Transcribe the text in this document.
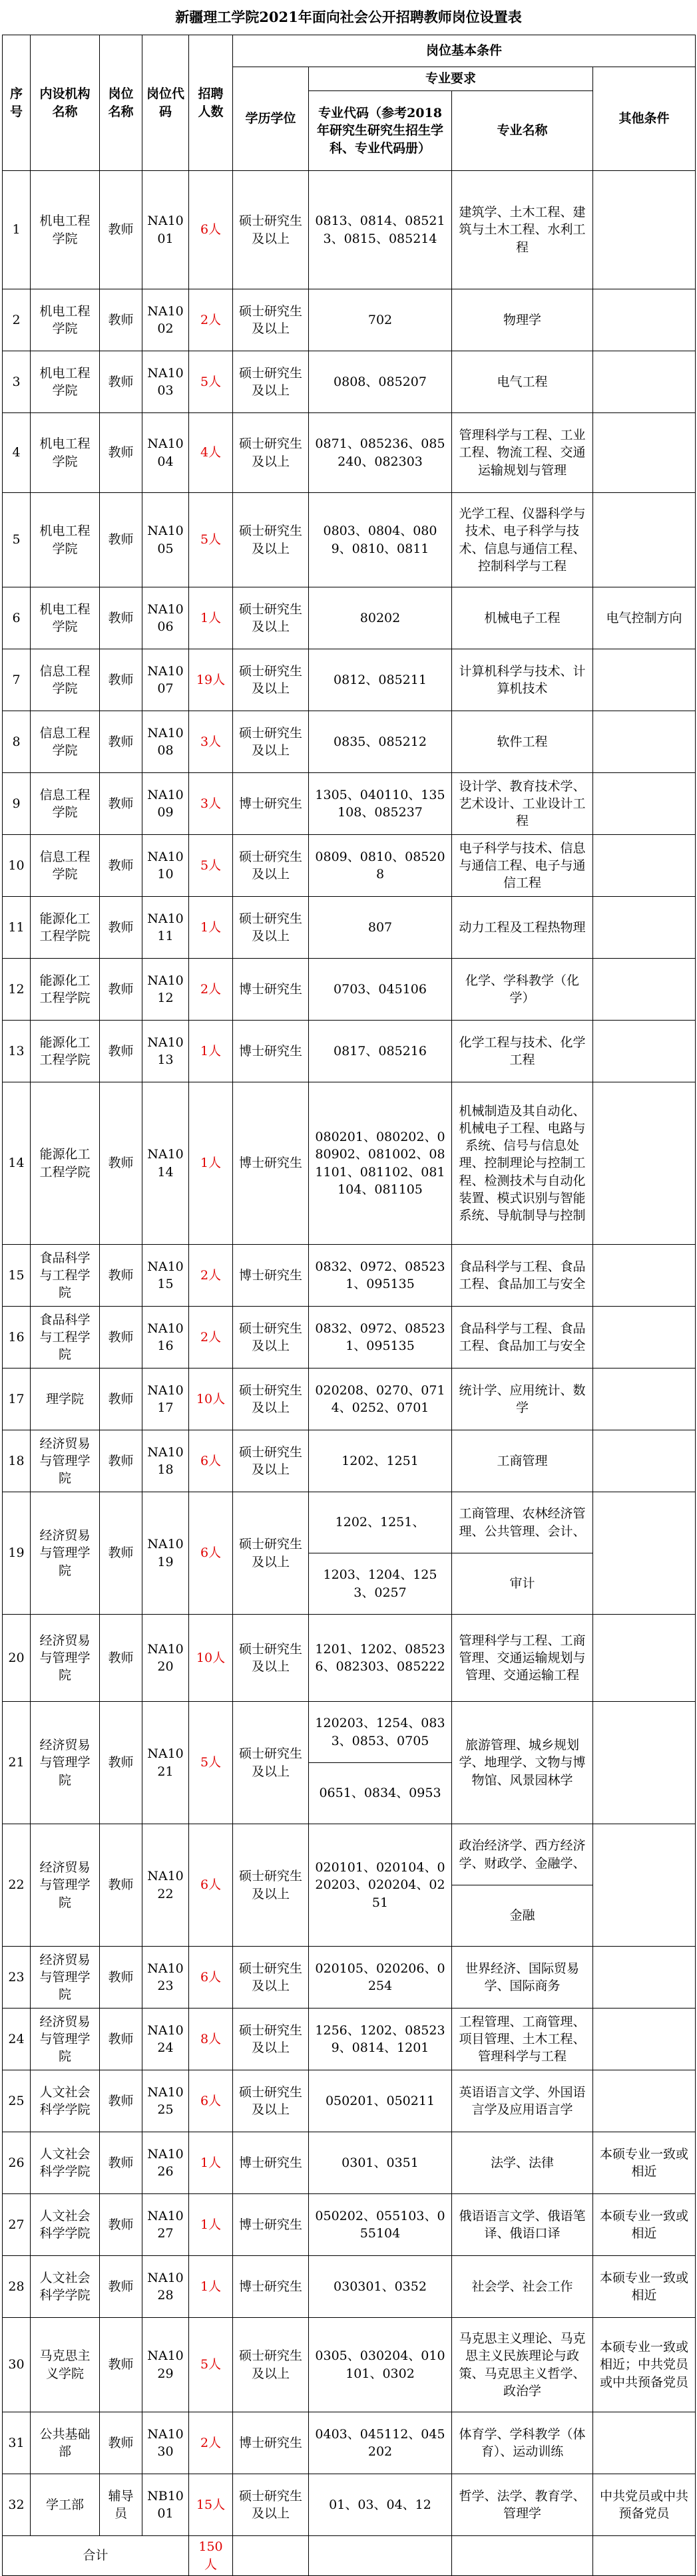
新疆理工学院2021年面向社会公开招聘教师岗位设置表
序号	内设机构名称	岗位名称	岗位代码	招聘人数	岗位基本条件			
					学历学位	专业要求		其他条件
						专业代码（参考2018年研究生研究生招生学科、专业代码册）	专业名称	
1	机电工程学院	教师	NA1001	6人	硕士研究生及以上	0813、0814、085213、0815、085214	建筑学、土木工程、建筑与土木工程、水利工程	
2	机电工程学院	教师	NA1002	2人	硕士研究生及以上	702	物理学	
3	机电工程学院	教师	NA1003	5人	硕士研究生及以上	0808、085207	电气工程	
4	机电工程学院	教师	NA1004	4人	硕士研究生及以上	0871、085236、085240、082303	管理科学与工程、工业工程、物流工程、交通运输规划与管理	
5	机电工程学院	教师	NA1005	5人	硕士研究生及以上	0803、0804、0809、0810、0811	光学工程、仪器科学与技术、电子科学与技术、信息与通信工程、控制科学与工程	
6	机电工程学院	教师	NA1006	1人	硕士研究生及以上	80202	机械电子工程	电气控制方向
7	信息工程学院	教师	NA1007	19人	硕士研究生及以上	0812、085211	计算机科学与技术、计算机技术	
8	信息工程学院	教师	NA1008	3人	硕士研究生及以上	0835、085212	软件工程	
9	信息工程学院	教师	NA1009	3人	博士研究生	1305、040110、135108、085237	设计学、教育技术学、艺术设计、工业设计工程	
10	信息工程学院	教师	NA1010	5人	硕士研究生及以上	0809、0810、085208	电子科学与技术、信息与通信工程、电子与通信工程	
11	能源化工工程学院	教师	NA1011	1人	硕士研究生及以上	807	动力工程及工程热物理	
12	能源化工工程学院	教师	NA1012	2人	博士研究生	0703、045106	化学、学科教学（化学）	
13	能源化工工程学院	教师	NA1013	1人	博士研究生	0817、085216	化学工程与技术、化学工程	
14	能源化工工程学院	教师	NA1014	1人	博士研究生	080201、080202、080902、081002、081101、081102、081104、081105	机械制造及其自动化、机械电子工程、电路与系统、信号与信息处理、控制理论与控制工程、检测技术与自动化装置、模式识别与智能系统、导航制导与控制	
15	食品科学与工程学院	教师	NA1015	2人	博士研究生	0832、0972、085231、095135	食品科学与工程、食品工程、食品加工与安全	
16	食品科学与工程学院	教师	NA1016	2人	硕士研究生及以上	0832、0972、085231、095135	食品科学与工程、食品工程、食品加工与安全	
17	理学院	教师	NA1017	10人	硕士研究生及以上	020208、0270、0714、0252、0701	统计学、应用统计、数学	
18	经济贸易与管理学院	教师	NA1018	6人	硕士研究生及以上	1202、1251	工商管理	
19	经济贸易与管理学院	教师	NA1019	6人	硕士研究生及以上	1202、1251、	工商管理、农林经济管理、公共管理、会计、	
						1203、1204、1253、0257	审计	
20	经济贸易与管理学院	教师	NA1020	10人	硕士研究生及以上	1201、1202、085236、082303、085222	管理科学与工程、工商管理、交通运输规划与管理、交通运输工程	
21	经济贸易与管理学院	教师	NA1021	5人	硕士研究生及以上	120203、1254、0833、0853、0705	旅游管理、城乡规划学、地理学、文物与博物馆、风景园林学	
						0651、0834、0953		
22	经济贸易与管理学院	教师	NA1022	6人	硕士研究生及以上	020101、020104、020203、020204、0251	政治经济学、西方经济学、财政学、金融学、	
							金融	
23	经济贸易与管理学院	教师	NA1023	6人	硕士研究生及以上	020105、020206、0254	世界经济、国际贸易学、国际商务	
24	经济贸易与管理学院	教师	NA1024	8人	硕士研究生及以上	1256、1202、085239、0814、1201	工程管理、工商管理、项目管理、土木工程、管理科学与工程	
25	人文社会科学学院	教师	NA1025	6人	硕士研究生及以上	050201、050211	英语语言文学、外国语言学及应用语言学	
26	人文社会科学学院	教师	NA1026	1人	博士研究生	0301、0351	法学、法律	本硕专业一致或相近
27	人文社会科学学院	教师	NA1027	1人	博士研究生	050202、055103、055104	俄语语言文学、俄语笔译、俄语口译	本硕专业一致或相近
28	人文社会科学学院	教师	NA1028	1人	博士研究生	030301、0352	社会学、社会工作	本硕专业一致或相近
30	马克思主义学院	教师	NA1029	5人	硕士研究生及以上	0305、030204、010101、0302	马克思主义理论、马克思主义民族理论与政策、马克思主义哲学、政治学	本硕专业一致或相近；中共党员或中共预备党员
31	公共基础部	教师	NA1030	2人	博士研究生	0403、045112、045202	体育学、学科教学（体育）、运动训练	
32	学工部	辅导员	NB1001	15人	硕士研究生及以上	01、03、04、12	哲学、法学、教育学、管理学	中共党员或中共预备党员
合计				150人				
